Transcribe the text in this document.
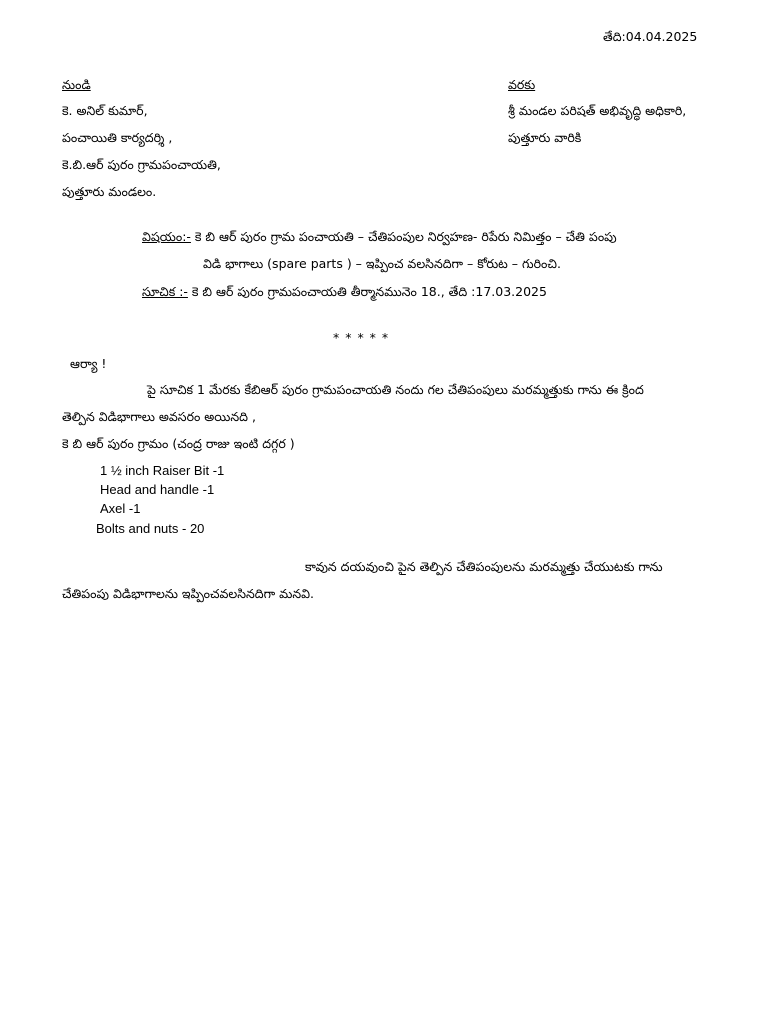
తేది:04.04.2025
నుండి
కె. అనిల్ కుమార్,
పంచాయితి కార్యదర్శి ,
కె.బి.ఆర్ పురం గ్రామపంచాయతి,
పుత్తూరు మండలం.
వరకు
శ్రీ మండల పరిషత్ అభివృద్ధి అధికారి,
పుత్తూరు వారికి
విషయం:- కె బి ఆర్ పురం గ్రామ పంచాయతి – చేతిపంపుల నిర్వహణ- రిపేరు నిమిత్తం – చేతి పంపు
విడి భాగాలు (spare parts ) – ఇప్పించ వలసినదిగా – కోరుట – గురించి.
సూచిక :- కె బి ఆర్ పురం గ్రామపంచాయతి తీర్మానమునెం 18., తేది :17.03.2025
* * * * *
ఆర్యా !
పై సూచిక 1 మేరకు కేబిఆర్ పురం గ్రామపంచాయతి నందు గల చేతిపంపులు మరమ్మత్తుకు గాను ఈ క్రింద
తెల్పిన విడిభాగాలు అవసరం అయినది ,
కె బి ఆర్ పురం గ్రామం (చంద్ర రాజు ఇంటి దగ్గర )
1 ½ inch Raiser Bit -1
Head and handle -1
Axel -1
Bolts and nuts - 20
కావున దయవుంచి పైన తెల్పిన చేతిపంపులను మరమ్మత్తు చేయుటకు గాను
చేతిపంపు విడిభాగాలను ఇప్పించవలసినదిగా మనవి.
